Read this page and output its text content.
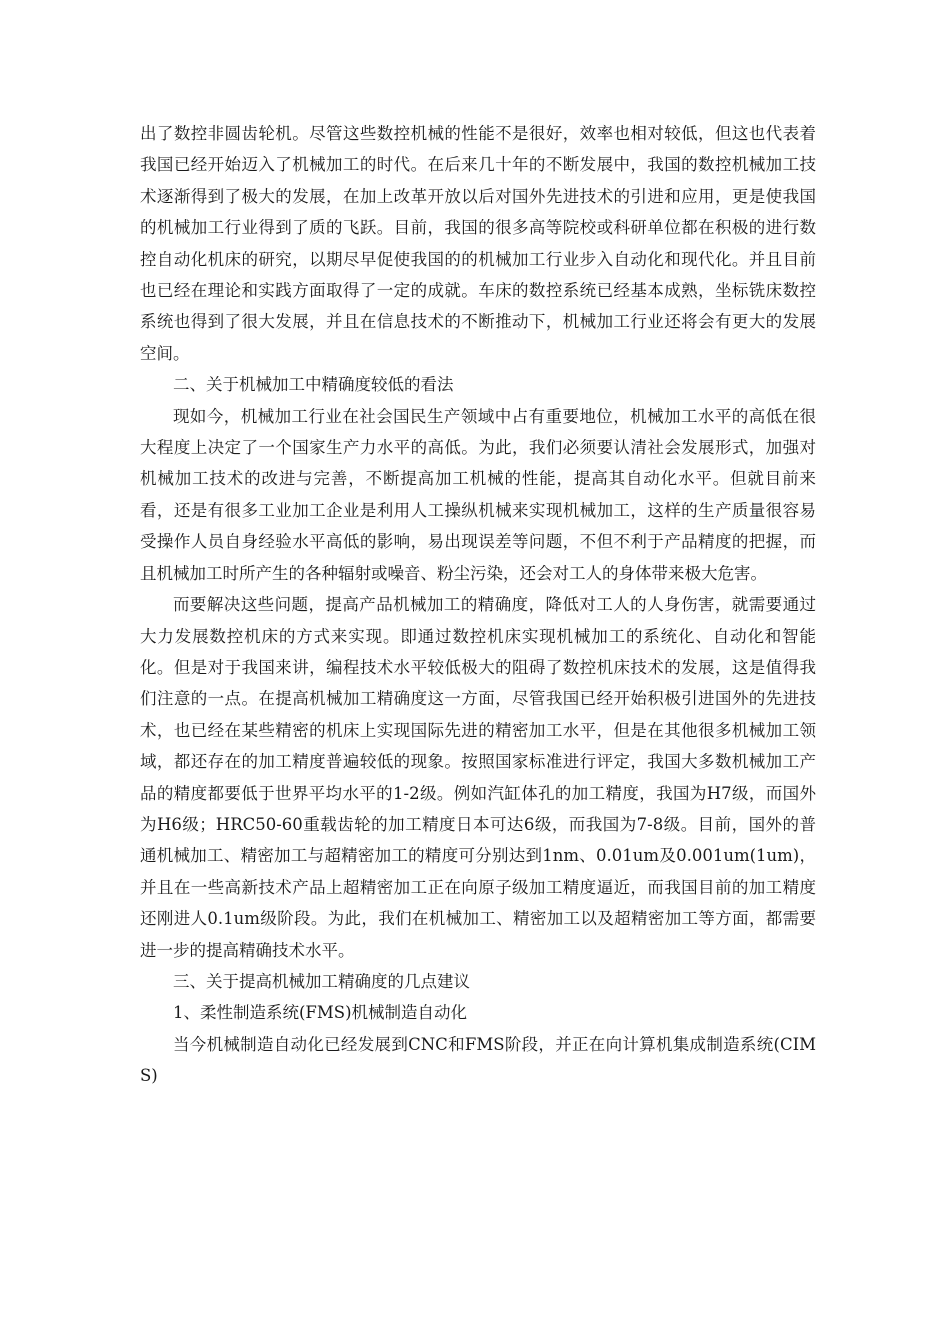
出了数控非圆齿轮机。尽管这些数控机械的性能不是很好，效率也相对较低，但这也代表着我国已经开始迈入了机械加工的时代。在后来几十年的不断发展中，我国的数控机械加工技术逐渐得到了极大的发展，在加上改革开放以后对国外先进技术的引进和应用，更是使我国的机械加工行业得到了质的飞跃。目前，我国的很多高等院校或科研单位都在积极的进行数控自动化机床的研究，以期尽早促使我国的的机械加工行业步入自动化和现代化。并且目前也已经在理论和实践方面取得了一定的成就。车床的数控系统已经基本成熟，坐标铣床数控系统也得到了很大发展，并且在信息技术的不断推动下，机械加工行业还将会有更大的发展空间。

二、关于机械加工中精确度较低的看法

现如今，机械加工行业在社会国民生产领域中占有重要地位，机械加工水平的高低在很大程度上决定了一个国家生产力水平的高低。为此，我们必须要认清社会发展形式，加强对机械加工技术的改进与完善，不断提高加工机械的性能，提高其自动化水平。但就目前来看，还是有很多工业加工企业是利用人工操纵机械来实现机械加工，这样的生产质量很容易受操作人员自身经验水平高低的影响，易出现误差等问题，不但不利于产品精度的把握，而且机械加工时所产生的各种辐射或噪音、粉尘污染，还会对工人的身体带来极大危害。

而要解决这些问题，提高产品机械加工的精确度，降低对工人的人身伤害，就需要通过大力发展数控机床的方式来实现。即通过数控机床实现机械加工的系统化、自动化和智能化。但是对于我国来讲，编程技术水平较低极大的阻碍了数控机床技术的发展，这是值得我们注意的一点。在提高机械加工精确度这一方面，尽管我国已经开始积极引进国外的先进技术，也已经在某些精密的机床上实现国际先进的精密加工水平，但是在其他很多机械加工领域，都还存在的加工精度普遍较低的现象。按照国家标准进行评定，我国大多数机械加工产品的精度都要低于世界平均水平的1-2级。例如汽缸体孔的加工精度，我国为H7级，而国外为H6级；HRC50-60重载齿轮的加工精度日本可达6级，而我国为7-8级。目前，国外的普通机械加工、精密加工与超精密加工的精度可分别达到1nm、0.01um及0.001um(1um)，并且在一些高新技术产品上超精密加工正在向原子级加工精度逼近，而我国目前的加工精度还刚进人0.1um级阶段。为此，我们在机械加工、精密加工以及超精密加工等方面，都需要进一步的提高精确技术水平。

三、关于提高机械加工精确度的几点建议

1、柔性制造系统(FMS)机械制造自动化

当今机械制造自动化已经发展到CNC和FMS阶段，并正在向计算机集成制造系统(CIMS)
